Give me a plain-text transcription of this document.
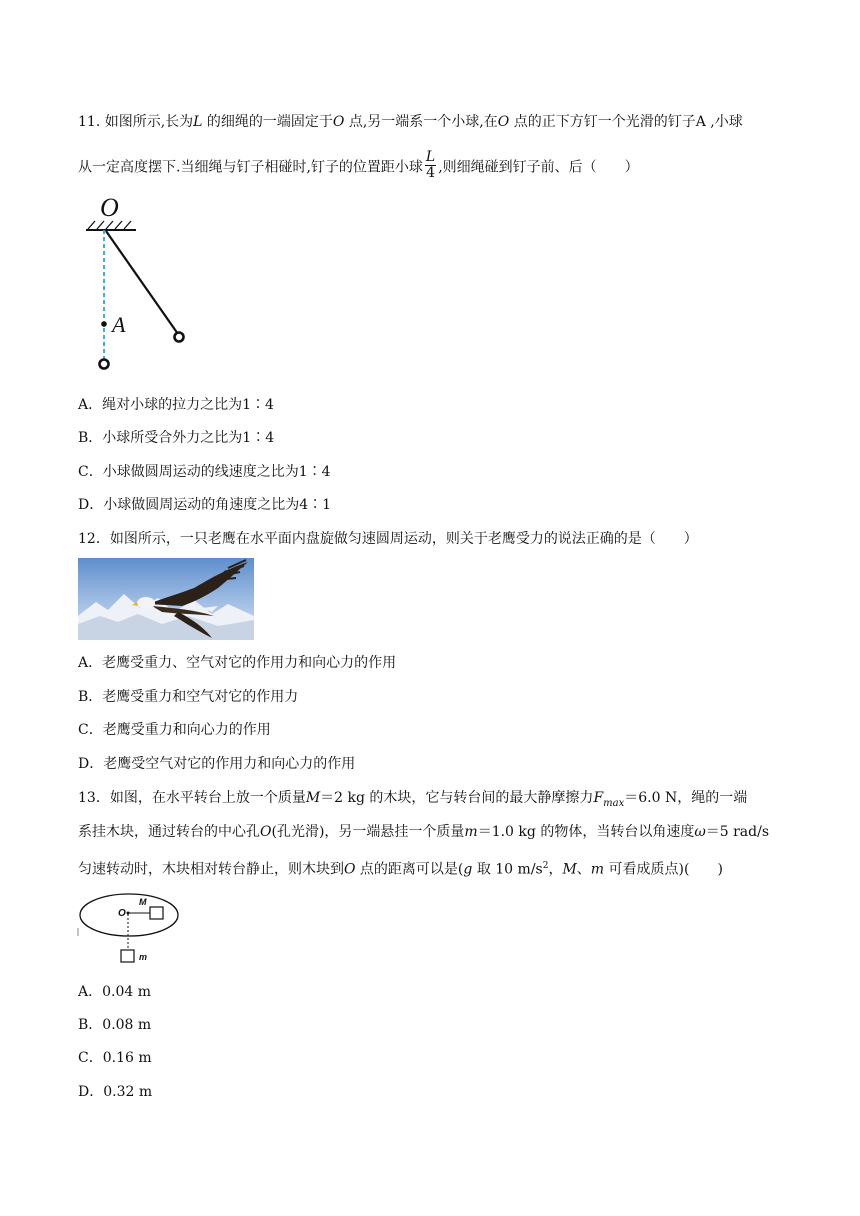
11. 如图所示,长为L 的细绳的一端固定于O 点,另一端系一个小球,在O 点的正下方钉一个光滑的钉子A ,小球
从一定高度摆下.当细绳与钉子相碰时,钉子的位置距小球 $\frac{L}{4}$ ,则细绳碰到钉子前、后（　　）
O
A
A．绳对小球的拉力之比为1∶4
B．小球所受合外力之比为1∶4
C．小球做圆周运动的线速度之比为1∶4
D．小球做圆周运动的角速度之比为4∶1
12．如图所示，一只老鹰在水平面内盘旋做匀速圆周运动，则关于老鹰受力的说法正确的是（　　）
A．老鹰受重力、空气对它的作用力和向心力的作用
B．老鹰受重力和空气对它的作用力
C．老鹰受重力和向心力的作用
D．老鹰受空气对它的作用力和向心力的作用
13．如图，在水平转台上放一个质量M＝2 kg 的木块，它与转台间的最大静摩擦力$F_{max}=6.0$ N，绳的一端
系挂木块，通过转台的中心孔O(孔光滑)，另一端悬挂一个质量m＝1.0 kg 的物体，当转台以角速度ω＝5 rad/s
匀速转动时，木块相对转台静止，则木块到O 点的距离可以是(g 取 10 $m/s^2$，M、m 可看成质点)(　　)
O
M
m
A．0.04 m
B．0.08 m
C．0.16 m
D．0.32 m
